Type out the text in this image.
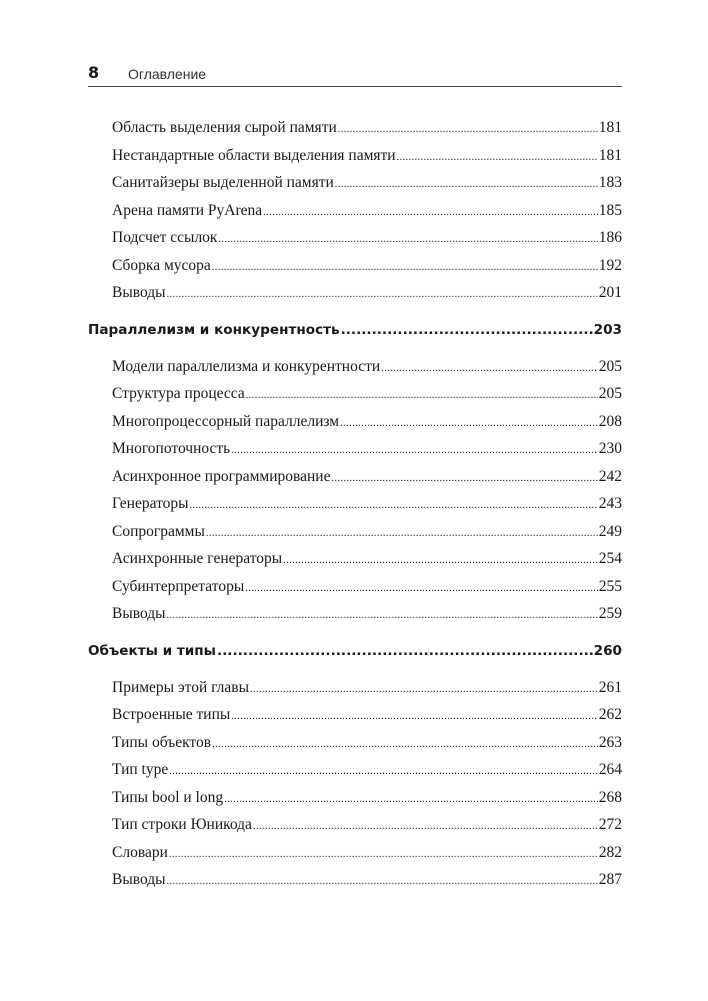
8 Оглавление
Область выделения сырой памяти .....	181
Нестандартные области выделения памяти .....	181
Санитайзеры выделенной памяти .....	183
Арена памяти PyArena .....	185
Подсчет ссылок .....	186
Сборка мусора .....	192
Выводы .....	201
Параллелизм и конкурентность .....	203
Модели параллелизма и конкурентности .....	205
Структура процесса .....	205
Многопроцессорный параллелизм .....	208
Многопоточность .....	230
Асинхронное программирование .....	242
Генераторы .....	243
Сопрограммы .....	249
Асинхронные генераторы .....	254
Субинтерпретаторы .....	255
Выводы .....	259
Объекты и типы .....	260
Примеры этой главы .....	261
Встроенные типы .....	262
Типы объектов .....	263
Тип type .....	264
Типы bool и long .....	268
Тип строки Юникода .....	272
Словари .....	282
Выводы .....	287
